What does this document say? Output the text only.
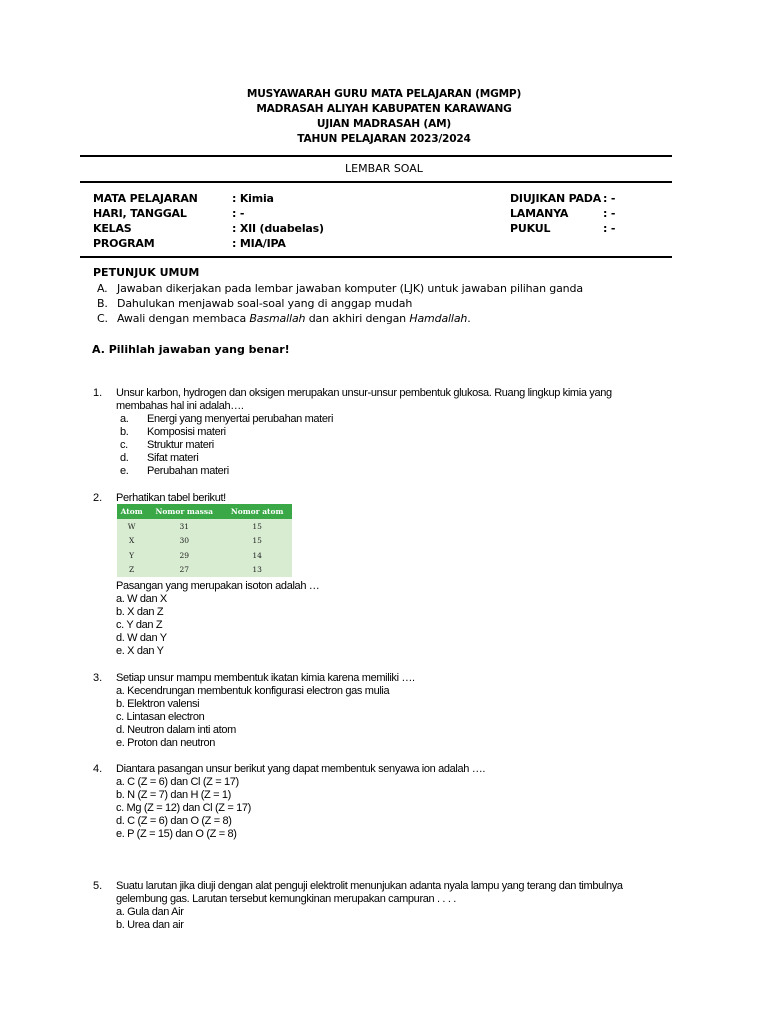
MUSYAWARAH GURU MATA PELAJARAN (MGMP)
MADRASAH ALIYAH KABUPATEN KARAWANG
UJIAN MADRASAH (AM)
TAHUN PELAJARAN 2023/2024
LEMBAR SOAL
MATA PELAJARAN	: Kimia
HARI, TANGGAL	: -
KELAS	: XII (duabelas)
PROGRAM	: MIA/IPA
DIUJIKAN PADA : -
LAMANYA	: -
PUKUL	: -
PETUNJUK UMUM
A. Jawaban dikerjakan pada lembar jawaban komputer (LJK) untuk jawaban pilihan ganda
B. Dahulukan menjawab soal-soal yang di anggap mudah
C. Awali dengan membaca Basmallah dan akhiri dengan Hamdallah.
A. Pilihlah jawaban yang benar!
1. Unsur karbon, hydrogen dan oksigen merupakan unsur-unsur pembentuk glukosa. Ruang lingkup kimia yang membahas hal ini adalah….
a. Energi yang menyertai perubahan materi
b. Komposisi materi
c. Struktur materi
d. Sifat materi
e. Perubahan materi
2. Perhatikan tabel berikut!
Atom	Nomor massa	Nomor atom
W	31	15
X	30	15
Y	29	14
Z	27	13
Pasangan yang merupakan isoton adalah …
a. W dan X
b. X dan Z
c. Y dan Z
d. W dan Y
e. X dan Y
3. Setiap unsur mampu membentuk ikatan kimia karena memiliki ….
a. Kecendrungan membentuk konfigurasi electron gas mulia
b. Elektron valensi
c. Lintasan electron
d. Neutron dalam inti atom
e. Proton dan neutron
4. Diantara pasangan unsur berikut yang dapat membentuk senyawa ion adalah ….
a. C (Z = 6) dan Cl (Z = 17)
b. N (Z = 7) dan H (Z = 1)
c. Mg (Z = 12) dan Cl (Z = 17)
d. C (Z = 6) dan O (Z = 8)
e. P (Z = 15) dan O (Z = 8)
5. Suatu larutan jika diuji dengan alat penguji elektrolit menunjukan adanta nyala lampu yang terang dan timbulnya gelembung gas. Larutan tersebut kemungkinan merupakan campuran . . . .
a. Gula dan Air
b. Urea dan air
